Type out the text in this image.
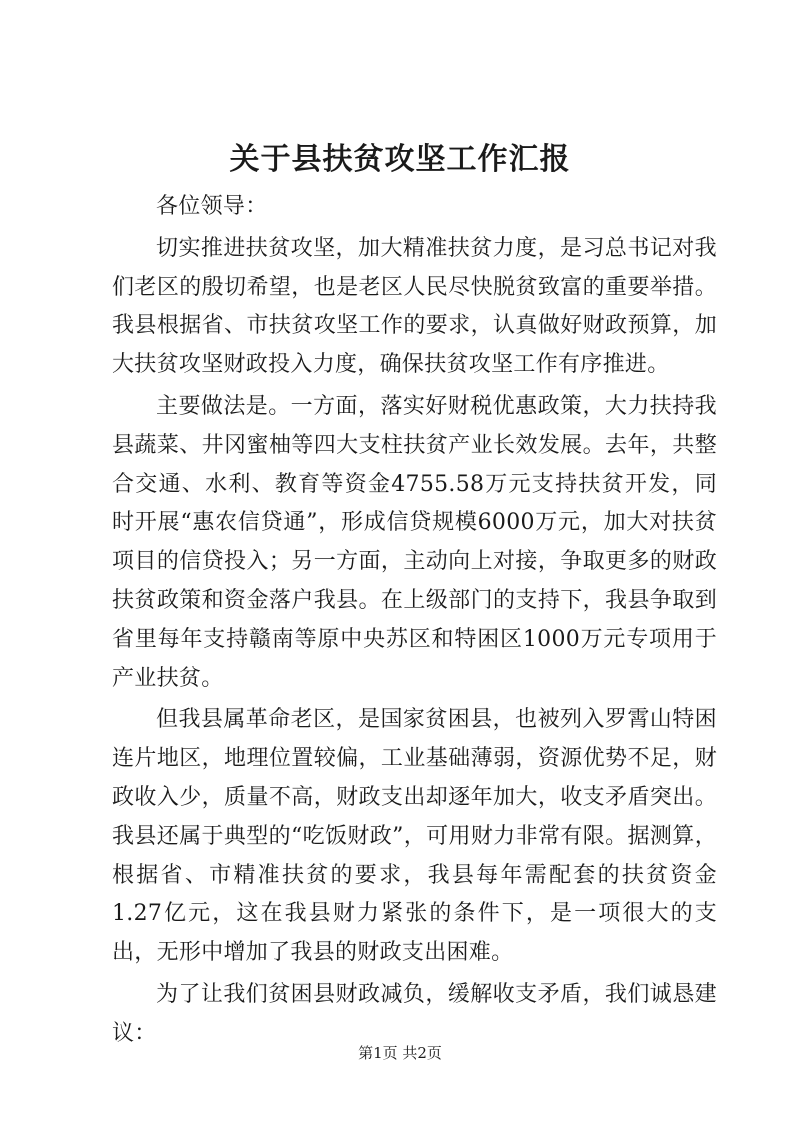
关于县扶贫攻坚工作汇报

各位领导：

切实推进扶贫攻坚，加大精准扶贫力度，是习总书记对我们老区的殷切希望，也是老区人民尽快脱贫致富的重要举措。我县根据省、市扶贫攻坚工作的要求，认真做好财政预算，加大扶贫攻坚财政投入力度，确保扶贫攻坚工作有序推进。

主要做法是。一方面，落实好财税优惠政策，大力扶持我县蔬菜、井冈蜜柚等四大支柱扶贫产业长效发展。去年，共整合交通、水利、教育等资金4755.58万元支持扶贫开发，同时开展“惠农信贷通”，形成信贷规模6000万元，加大对扶贫项目的信贷投入；另一方面，主动向上对接，争取更多的财政扶贫政策和资金落户我县。在上级部门的支持下，我县争取到省里每年支持赣南等原中央苏区和特困区1000万元专项用于产业扶贫。

但我县属革命老区，是国家贫困县，也被列入罗霄山特困连片地区，地理位置较偏，工业基础薄弱，资源优势不足，财政收入少，质量不高，财政支出却逐年加大，收支矛盾突出。我县还属于典型的“吃饭财政”，可用财力非常有限。据测算，根据省、市精准扶贫的要求，我县每年需配套的扶贫资金1.27亿元，这在我县财力紧张的条件下，是一项很大的支出，无形中增加了我县的财政支出困难。

为了让我们贫困县财政减负，缓解收支矛盾，我们诚恳建议：

第1页 共2页
